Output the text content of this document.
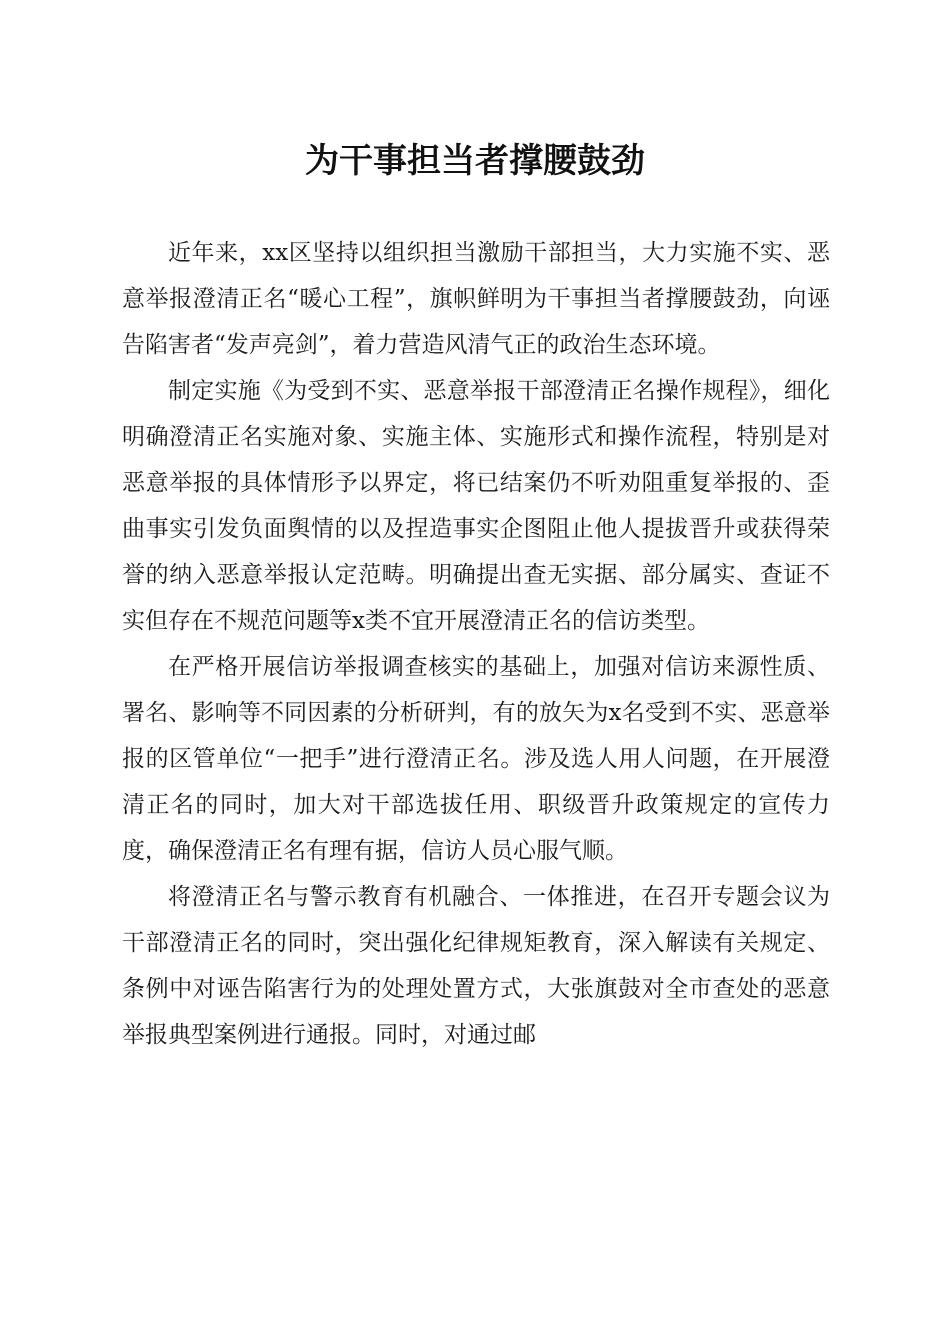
为干事担当者撑腰鼓劲

近年来，xx区坚持以组织担当激励干部担当，大力实施不实、恶意举报澄清正名“暖心工程”，旗帜鲜明为干事担当者撑腰鼓劲，向诬告陷害者“发声亮剑”，着力营造风清气正的政治生态环境。

制定实施《为受到不实、恶意举报干部澄清正名操作规程》，细化明确澄清正名实施对象、实施主体、实施形式和操作流程，特别是对恶意举报的具体情形予以界定，将已结案仍不听劝阻重复举报的、歪曲事实引发负面舆情的以及捏造事实企图阻止他人提拔晋升或获得荣誉的纳入恶意举报认定范畴。明确提出查无实据、部分属实、查证不实但存在不规范问题等x类不宜开展澄清正名的信访类型。

在严格开展信访举报调查核实的基础上，加强对信访来源性质、署名、影响等不同因素的分析研判，有的放矢为x名受到不实、恶意举报的区管单位“一把手”进行澄清正名。涉及选人用人问题，在开展澄清正名的同时，加大对干部选拔任用、职级晋升政策规定的宣传力度，确保澄清正名有理有据，信访人员心服气顺。

将澄清正名与警示教育有机融合、一体推进，在召开专题会议为干部澄清正名的同时，突出强化纪律规矩教育，深入解读有关规定、条例中对诬告陷害行为的处理处置方式，大张旗鼓对全市查处的恶意举报典型案例进行通报。同时，对通过邮
